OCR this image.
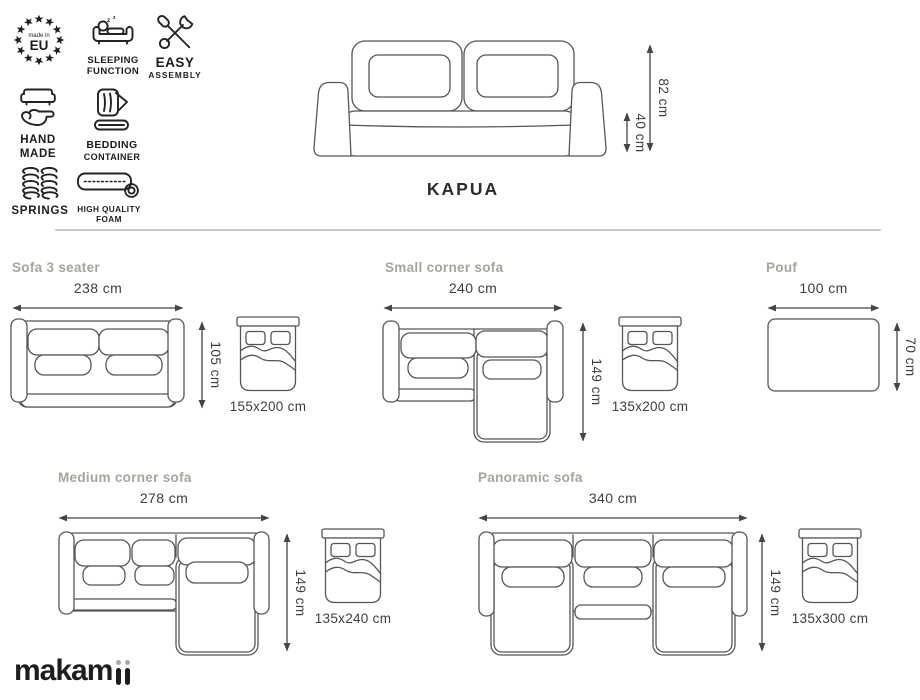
made in
EU
z z
SLEEPING
FUNCTION
EASY
ASSEMBLY
HAND
MADE
BEDDING
CONTAINER
SPRINGS HIGH QUALITY
FOAM
82 cm
40 cm
KAPUA
Sofa 3 seater
238 cm
105 cm
155x200 cm
Small corner sofa
240 cm
149 cm
135x200 cm
Pouf
100 cm
70 cm
Medium corner sofa
278 cm
149 cm
135x240 cm
Panoramic sofa
340 cm
149 cm
135x300 cm
makam
